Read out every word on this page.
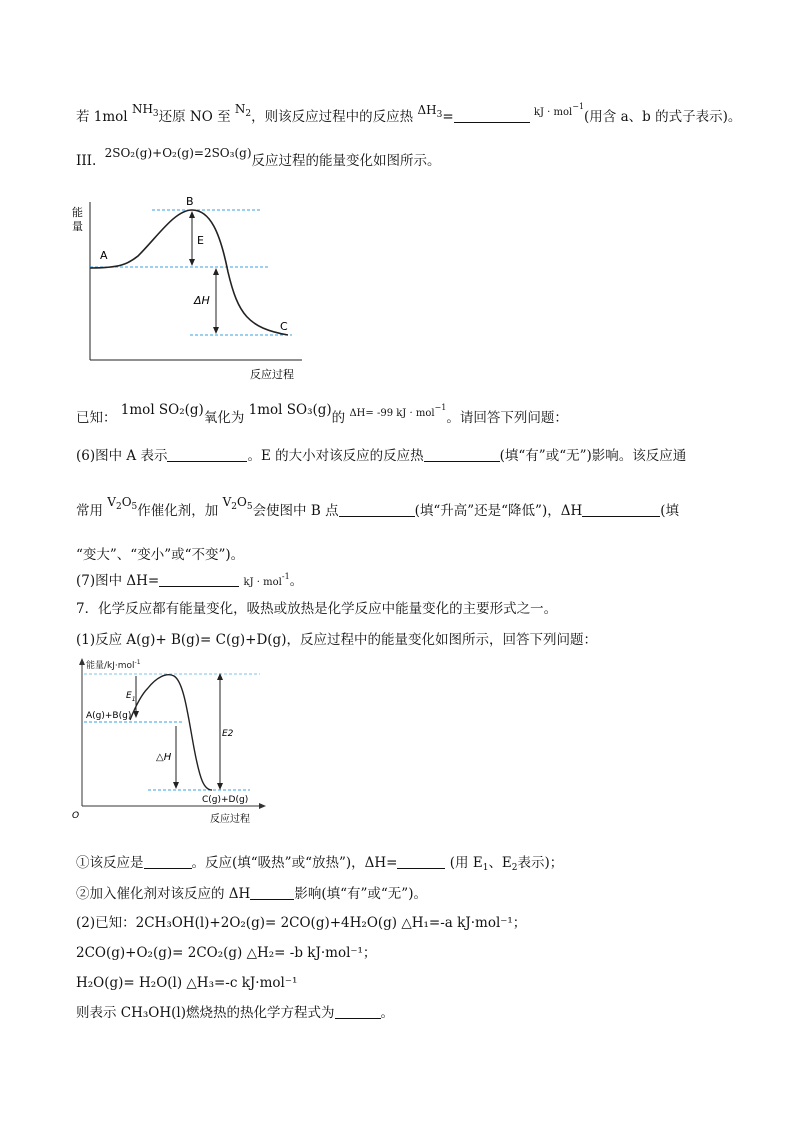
若 1mol $NH_3$还原 NO 至 $N_2$，则该反应过程中的反应热 $\Delta H_3=$	$^{kJ \cdot mol^{-1}}$(用含 a、b 的式子表示)。
III. 2SO₂(g)+O₂(g)=2SO₃(g)反应过程的能量变化如图所示。
能
量
反应过程
A
B
C
E
ΔH
已知： 1mol SO₂(g)氧化为 1mol SO₃(g)的 $^{\Delta H= -99 kJ \cdot mol^{-1}}$。请回答下列问题：
(6)图中 A 表示	。E 的大小对该反应的反应热	(填“有”或“无”)影响。该反应通
常用 $V_2O_5$作催化剂，加 $V_2O_5$会使图中 B 点	(填“升高”还是“降低”)，ΔH	(填
“变大”、“变小”或“不变”)。
(7)图中 ΔH=	kJ · mol$^{-1}$。
7．化学反应都有能量变化，吸热或放热是化学反应中能量变化的主要形式之一。
(1)反应 A(g)+ B(g)= C(g)+D(g)，反应过程中的能量变化如图所示，回答下列问题：
能量/kJ·mol$^{-1}$
O	反应过程
$E_1$
△H
E2
A(g)+B(g)
C(g)+D(g)
①该反应是	。反应(填“吸热”或“放热”)，ΔH=	(用 $E_1$、$E_2$表示)；
②加入催化剂对该反应的 ΔH	影响(填“有”或“无”)。
(2)已知：2CH₃OH(l)+2O₂(g)= 2CO(g)+4H₂O(g) △H₁=-a kJ·mol⁻¹；
2CO(g)+O₂(g)= 2CO₂(g) △H₂= -b kJ·mol⁻¹；
H₂O(g)= H₂O(l) △H₃=-c kJ·mol⁻¹
则表示 CH₃OH(l)燃烧热的热化学方程式为	。
